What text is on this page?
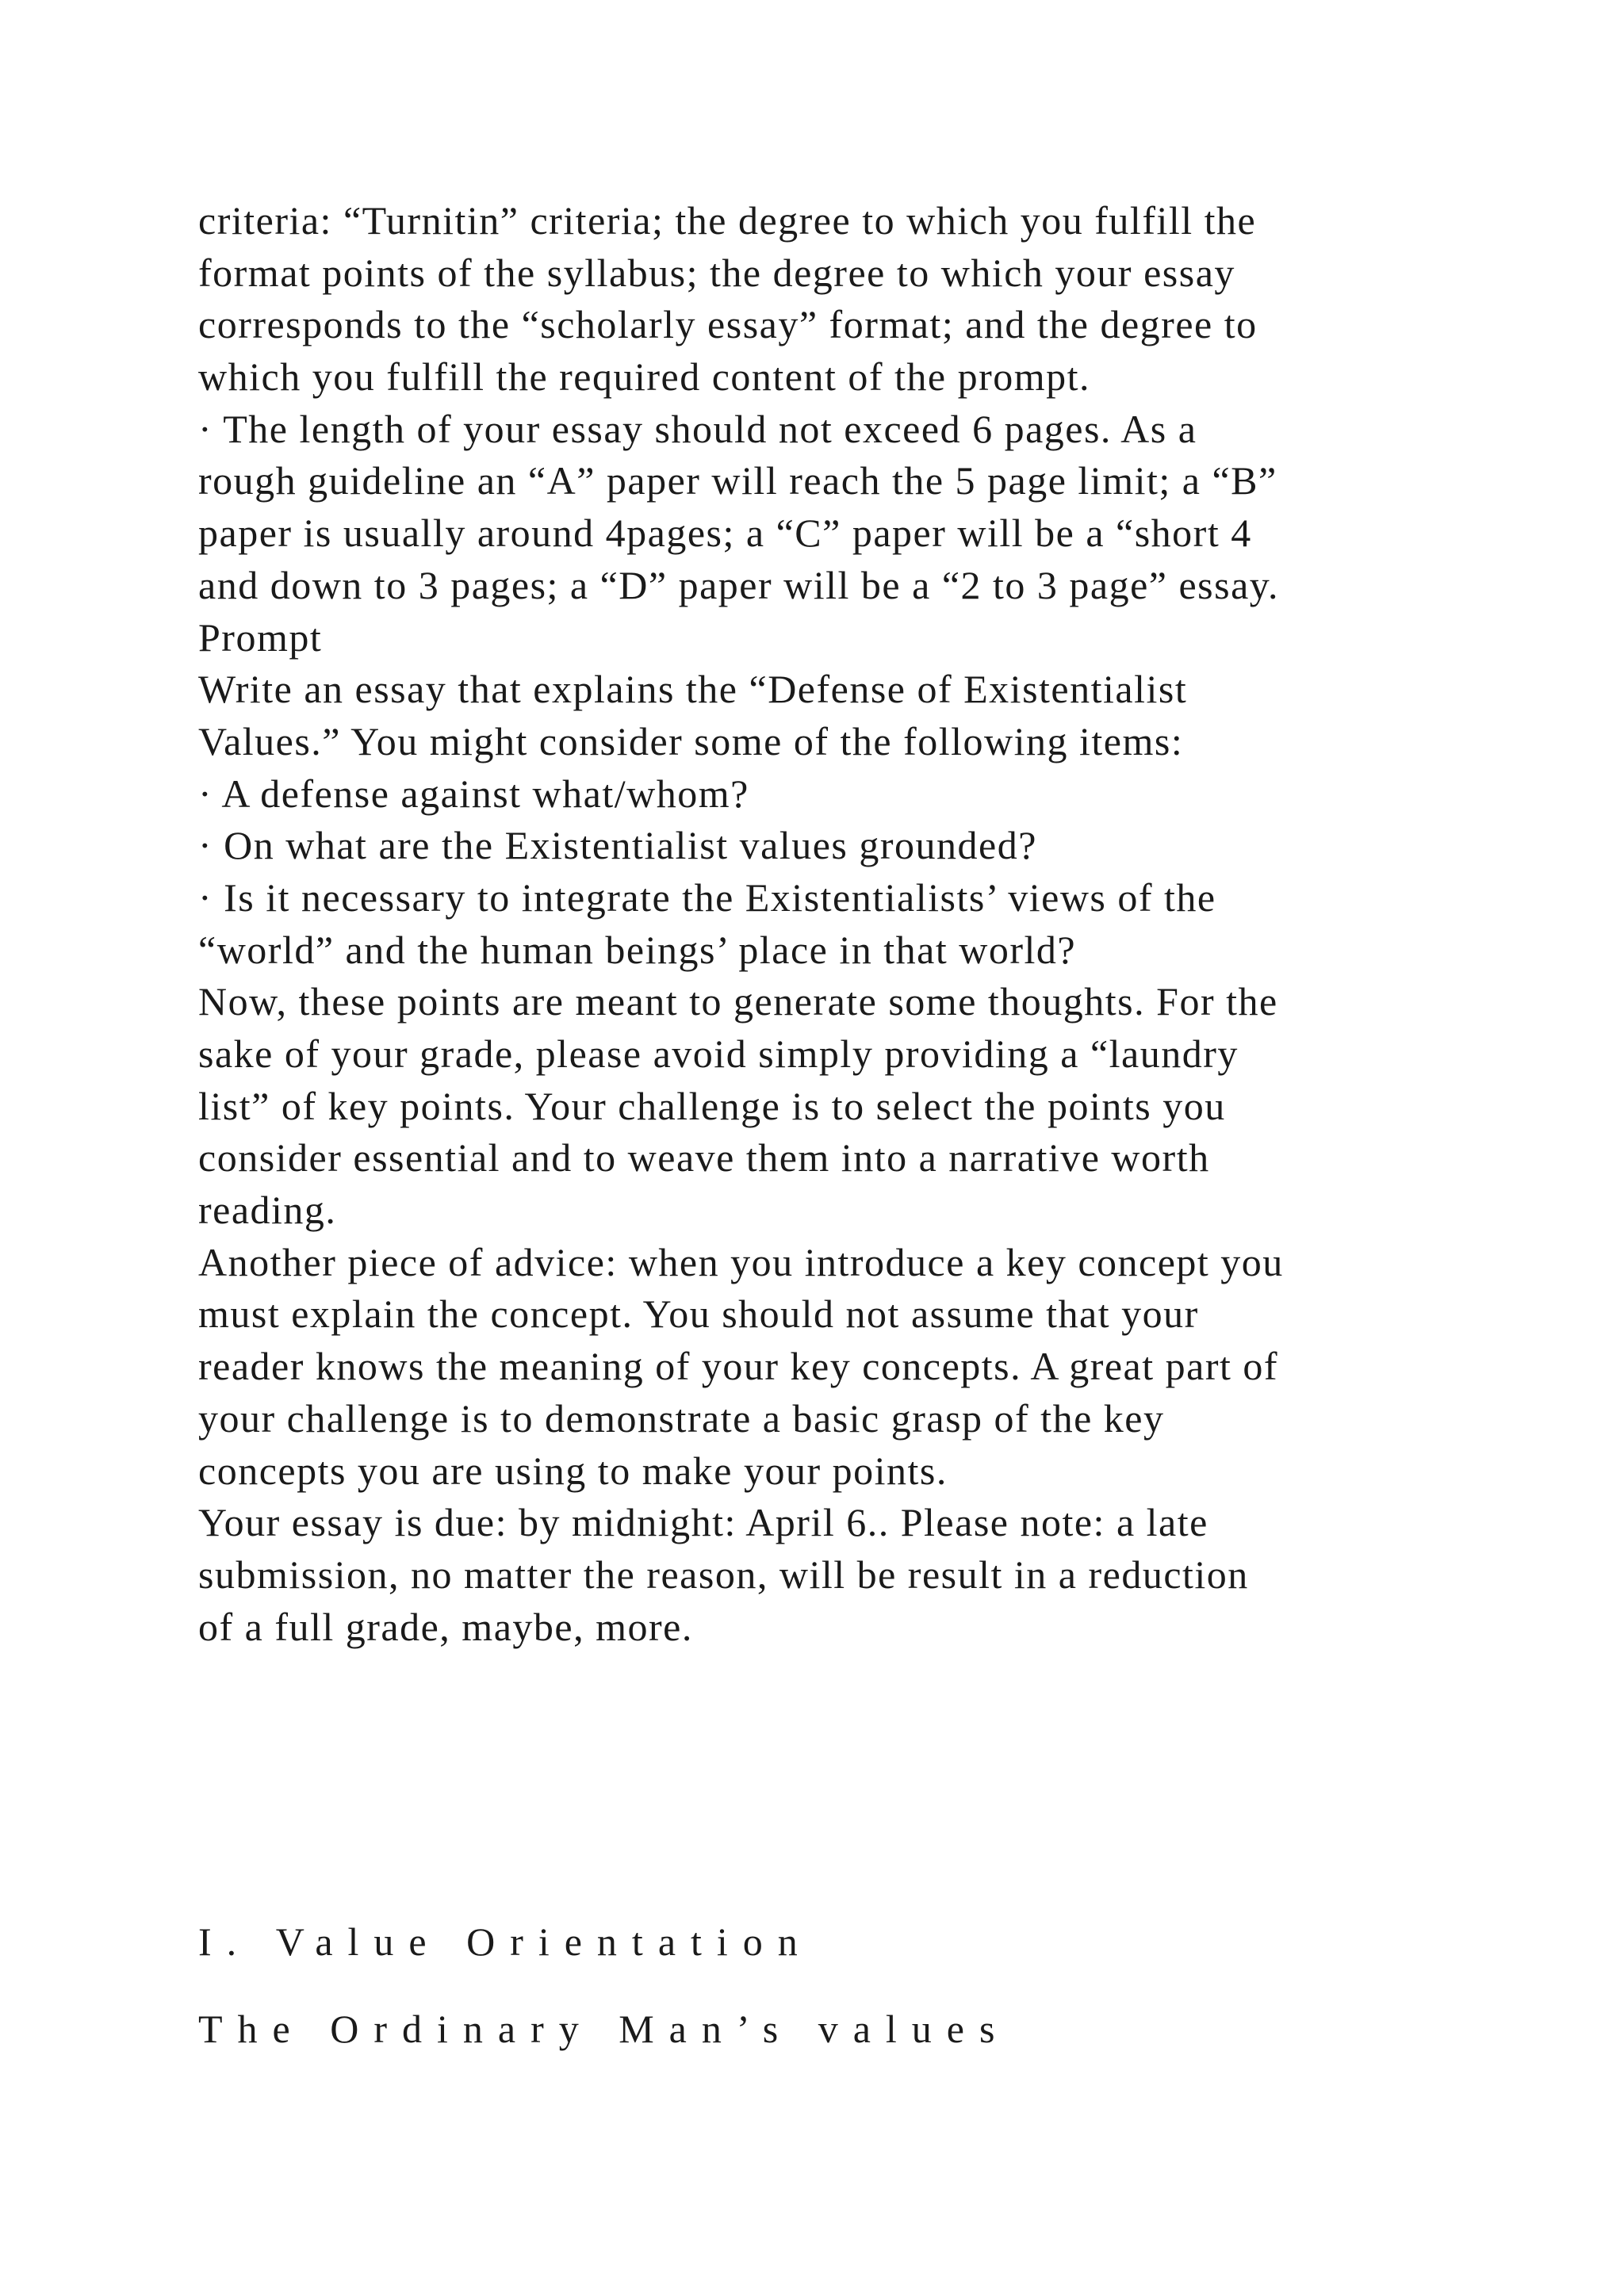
criteria: “Turnitin” criteria; the degree to which you fulfill the
format points of the syllabus; the degree to which your essay
corresponds to the “scholarly essay” format; and the degree to
which you fulfill the required content of the prompt.
· The length of your essay should not exceed 6 pages. As a
rough guideline an “A” paper will reach the 5 page limit; a “B”
paper is usually around 4pages; a “C” paper will be a “short 4
and down to 3 pages; a “D” paper will be a “2 to 3 page” essay.
Prompt
Write an essay that explains the “Defense of Existentialist
Values.” You might consider some of the following items:
· A defense against what/whom?
· On what are the Existentialist values grounded?
· Is it necessary to integrate the Existentialists’ views of the
“world” and the human beings’ place in that world?
Now, these points are meant to generate some thoughts. For the
sake of your grade, please avoid simply providing a “laundry
list” of key points. Your challenge is to select the points you
consider essential and to weave them into a narrative worth
reading.
Another piece of advice: when you introduce a key concept you
must explain the concept. You should not assume that your
reader knows the meaning of your key concepts. A great part of
your challenge is to demonstrate a basic grasp of the key
concepts you are using to make your points.
Your essay is due: by midnight: April 6.. Please note: a late
submission, no matter the reason, will be result in a reduction
of a full grade, maybe, more.
I. Value Orientation
The Ordinary Man’s values
